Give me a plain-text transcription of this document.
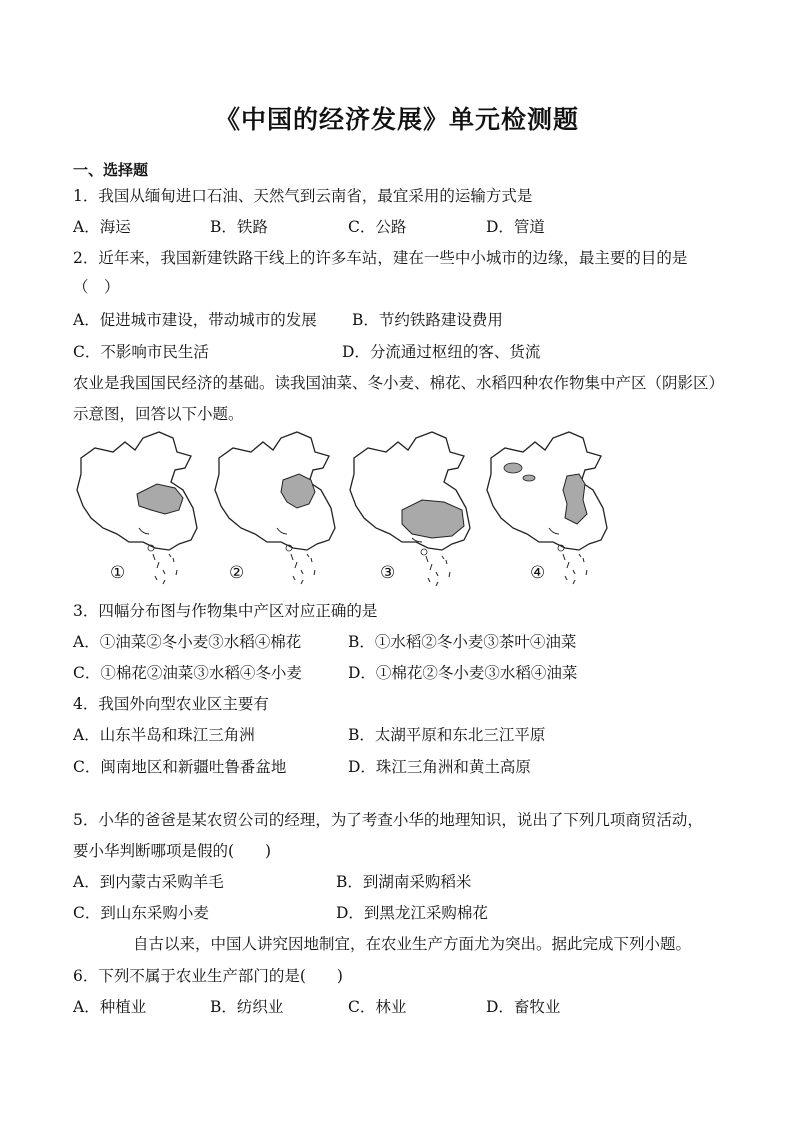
《中国的经济发展》单元检测题
一、选择题
1．我国从缅甸进口石油、天然气到云南省，最宜采用的运输方式是
A．海运	B．铁路	C．公路	D．管道
2．近年来，我国新建铁路干线上的许多车站，建在一些中小城市的边缘，最主要的目的是
（　）
A．促进城市建设，带动城市的发展 B．节约铁路建设费用
C．不影响市民生活	D．分流通过枢纽的客、货流
农业是我国国民经济的基础。读我国油菜、冬小麦、棉花、水稻四种农作物集中产区（阴影区）
示意图，回答以下小题。
①	②	③	④
3．四幅分布图与作物集中产区对应正确的是
A．①油菜②冬小麦③水稻④棉花	B．①水稻②冬小麦③茶叶④油菜
C．①棉花②油菜③水稻④冬小麦	D．①棉花②冬小麦③水稻④油菜
4．我国外向型农业区主要有
A．山东半岛和珠江三角洲	B．太湖平原和东北三江平原
C．闽南地区和新疆吐鲁番盆地	D．珠江三角洲和黄土高原
5．小华的爸爸是某农贸公司的经理，为了考查小华的地理知识，说出了下列几项商贸活动，
要小华判断哪项是假的(　　)
A．到内蒙古采购羊毛	B．到湖南采购稻米
C．到山东采购小麦	D．到黑龙江采购棉花
自古以来，中国人讲究因地制宜，在农业生产方面尤为突出。据此完成下列小题。
6．下列不属于农业生产部门的是(　　)
A．种植业	B．纺织业	C．林业	D．畜牧业
